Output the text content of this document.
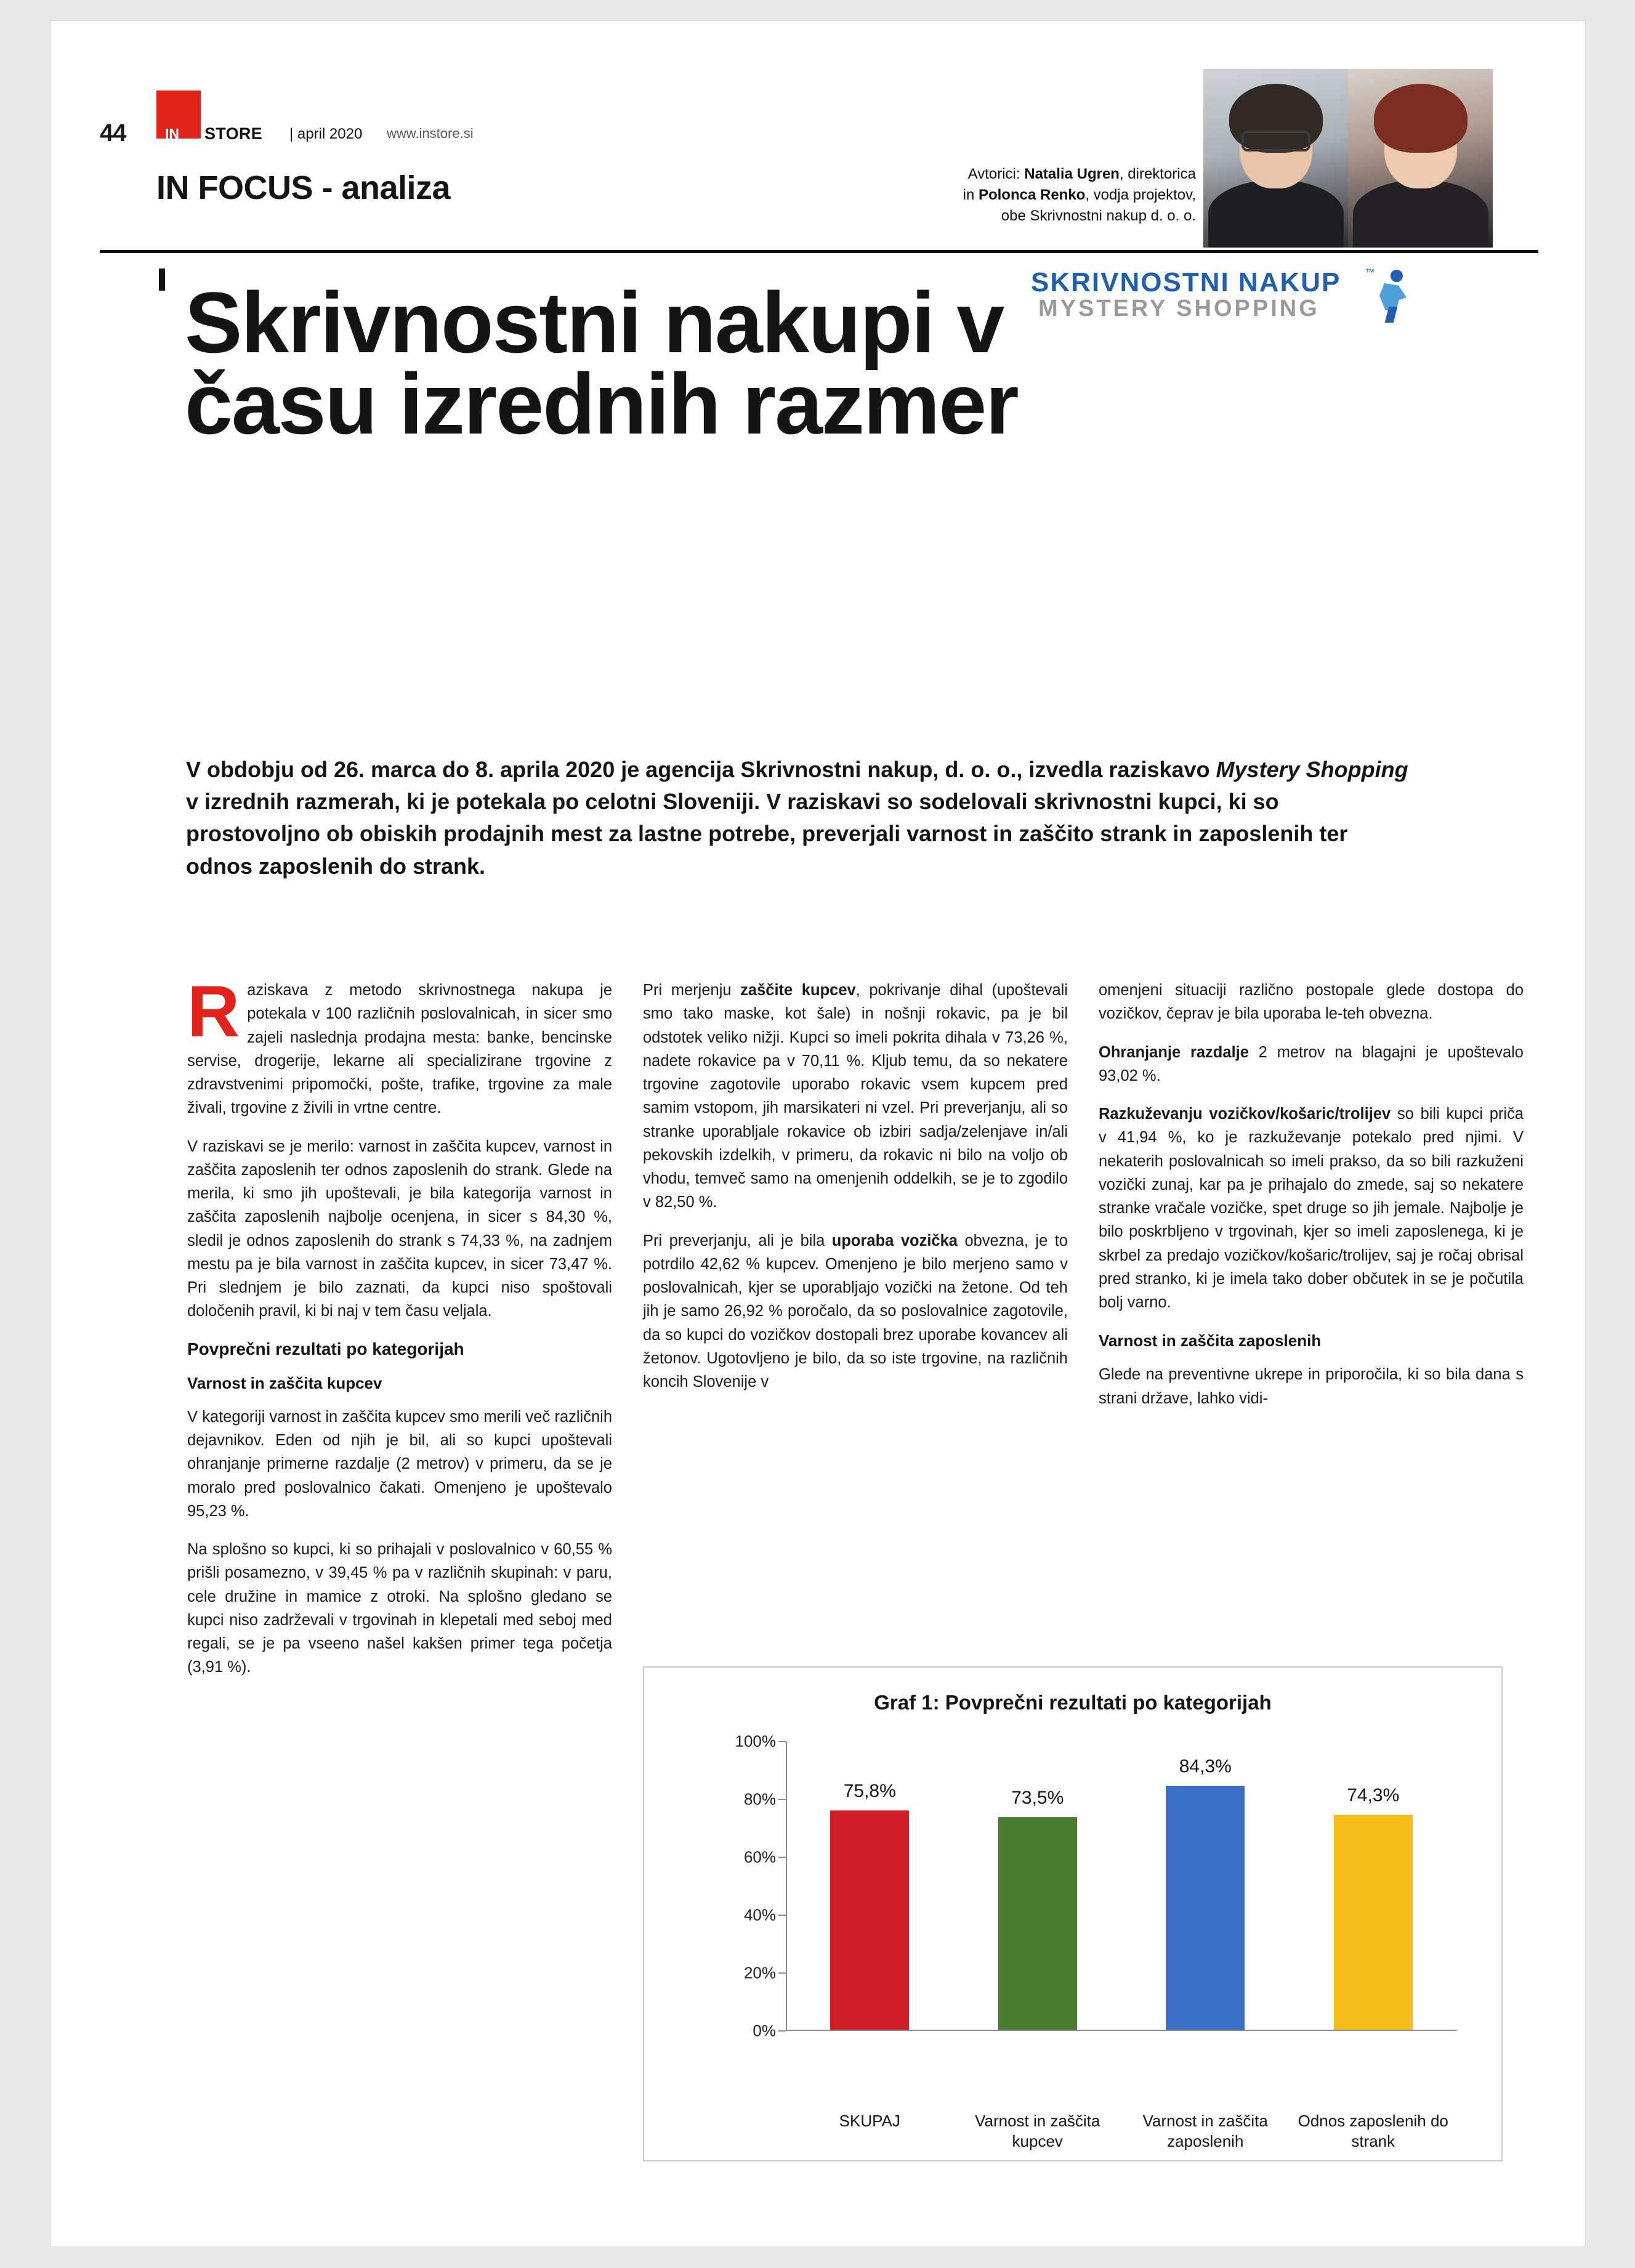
44	IN STORE | april 2020 www.instore.si
IN FOCUS - analiza	Avtorici: Natalia Ugren, direktorica
in Polonca Renko, vodja projektov,
obe Skrivnostni nakup d. o. o.
SKRIVNOSTNI NAKUP	™
MYSTERY SHOPPING
Skrivnostni nakupi v času izrednih razmer
V obdobju od 26. marca do 8. aprila 2020 je agencija Skrivnostni nakup, d. o. o., izvedla raziskavo Mystery Shopping v izrednih razmerah, ki je potekala po celotni Sloveniji. V raziskavi so sodelovali skrivnostni kupci, ki so prostovoljno ob obiskih prodajnih mest za lastne potrebe, preverjali varnost in zaščito strank in zaposlenih ter odnos zaposlenih do strank.

Raziskava z metodo skrivnostnega nakupa je potekala v 100 različnih poslovalnicah, in sicer smo zajeli naslednja prodajna mesta: banke, bencinske servise, drogerije, lekarne ali specializirane trgovine z zdravstvenimi pripomočki, pošte, trafike, trgovine za male živali, trgovine z živili in vrtne centre.

V raziskavi se je merilo: varnost in zaščita kupcev, varnost in zaščita zaposlenih ter odnos zaposlenih do strank. Glede na merila, ki smo jih upoštevali, je bila kategorija varnost in zaščita zaposlenih najbolje ocenjena, in sicer s 84,30 %, sledil je odnos zaposlenih do strank s 74,33 %, na zadnjem mestu pa je bila varnost in zaščita kupcev, in sicer 73,47 %. Pri slednjem je bilo zaznati, da kupci niso spoštovali določenih pravil, ki bi naj v tem času veljala.

Povprečni rezultati po kategorijah
Varnost in zaščita kupcev

V kategoriji varnost in zaščita kupcev smo merili več različnih dejavnikov. Eden od njih je bil, ali so kupci upoštevali ohranjanje primerne razdalje (2 metrov) v primeru, da se je moralo pred poslovalnico čakati. Omenjeno je upoštevalo 95,23 %.

Na splošno so kupci, ki so prihajali v poslovalnico v 60,55 % prišli posamezno, v 39,45 % pa v različnih skupinah: v paru, cele družine in mamice z otroki. Na splošno gledano se kupci niso zadrževali v trgovinah in klepetali med seboj med regali, se je pa vseeno našel kakšen primer tega početja (3,91 %).

Pri merjenju zaščite kupcev, pokrivanje dihal (upoštevali smo tako maske, kot šale) in nošnji rokavic, pa je bil odstotek veliko nižji. Kupci so imeli pokrita dihala v 73,26 %, nadete rokavice pa v 70,11 %. Kljub temu, da so nekatere trgovine zagotovile uporabo rokavic vsem kupcem pred samim vstopom, jih marsikateri ni vzel. Pri preverjanju, ali so stranke uporabljale rokavice ob izbiri sadja/zelenjave in/ali pekovskih izdelkih, v primeru, da rokavic ni bilo na voljo ob vhodu, temveč samo na omenjenih oddelkih, se je to zgodilo v 82,50 %.

Pri preverjanju, ali je bila uporaba vozička obvezna, je to potrdilo 42,62 % kupcev. Omenjeno je bilo merjeno samo v poslovalnicah, kjer se uporabljajo vozički na žetone. Od teh jih je samo 26,92 % poročalo, da so poslovalnice zagotovile, da so kupci do vozičkov dostopali brez uporabe kovancev ali žetonov. Ugotovljeno je bilo, da so iste trgovine, na različnih koncih Slovenije v

omenjeni situaciji različno postopale glede dostopa do vozičkov, čeprav je bila uporaba le-teh obvezna.

Ohranjanje razdalje 2 metrov na blagajni je upoštevalo 93,02 %.

Razkuževanju vozičkov/košaric/trolijev so bili kupci priča v 41,94 %, ko je razkuževanje potekalo pred njimi. V nekaterih poslovalnicah so imeli prakso, da so bili razkuženi vozički zunaj, kar pa je prihajalo do zmede, saj so nekatere stranke vračale vozičke, spet druge so jih jemale. Najbolje je bilo poskrbljeno v trgovinah, kjer so imeli zaposlenega, ki je skrbel za predajo vozičkov/košaric/trolijev, saj je ročaj obrisal pred stranko, ki je imela tako dober občutek in se je počutila bolj varno.

Varnost in zaščita zaposlenih

Glede na preventivne ukrepe in priporočila, ki so bila dana s strani države, lahko vidi-

Graf 1: Povprečni rezultati po kategorijah
0%
20%
40%
60%
80%
100%
75,8%
SKUPAJ
73,5%
Varnost in zaščita kupcev
84,3%
Varnost in zaščita zaposlenih
74,3%
Odnos zaposlenih do strank
